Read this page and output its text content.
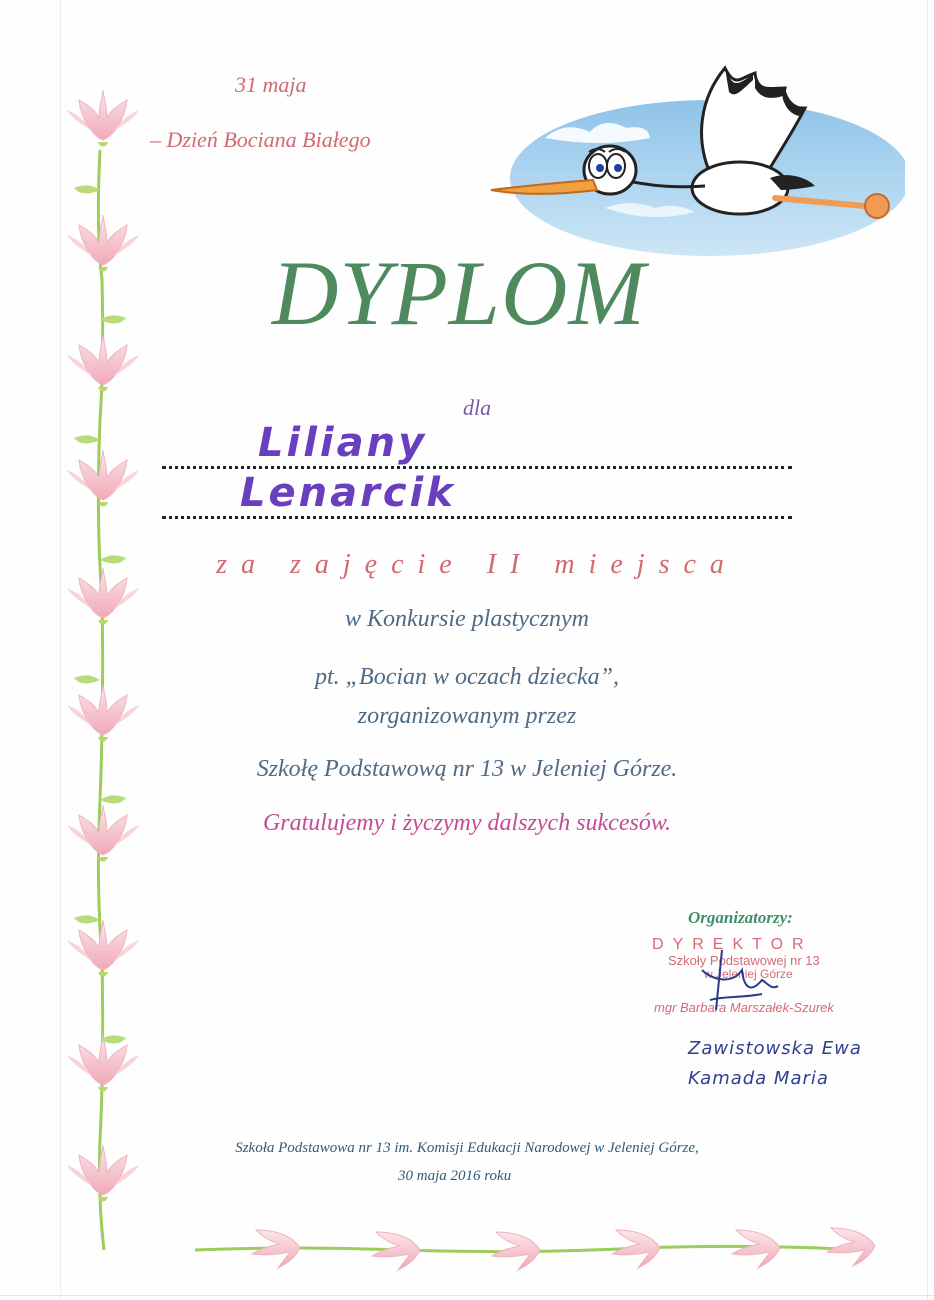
31 maja
– Dzień Bociana Białego
DYPLOM
dla
Liliany
Lenarcik
za zajęcie II miejsca
w Konkursie plastycznym
pt. „Bocian w oczach dziecka”,
zorganizowanym przez
Szkołę Podstawową nr 13 w Jeleniej Górze.
Gratulujemy i życzymy dalszych sukcesów.
Organizatorzy:
DYREKTOR
Szkoły Podstawowej nr 13
w Jeleniej Górze
mgr Barbara Marszałek-Szurek
Zawistowska Ewa
Kamada Maria
Szkoła Podstawowa nr 13 im. Komisji Edukacji Narodowej w Jeleniej Górze,
30 maja 2016 roku
